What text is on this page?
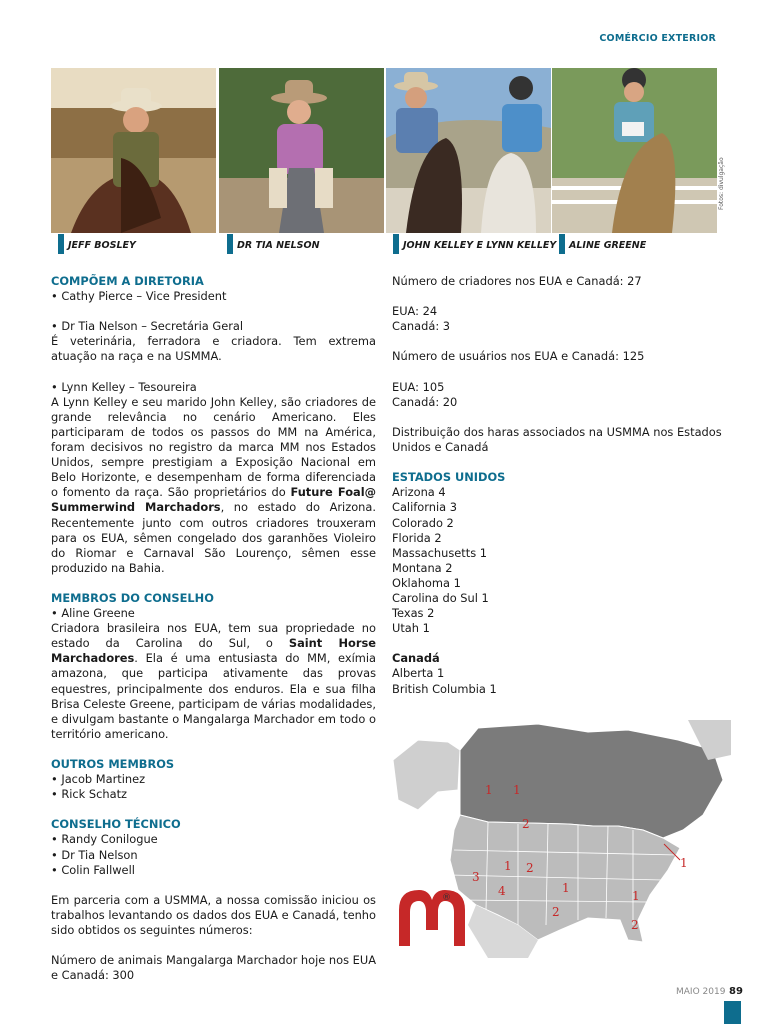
COMÉRCIO EXTERIOR
JEFF BOSLEY	DR TIA NELSON	JOHN KELLEY E LYNN KELLEY	ALINE GREENE
Fotos: divulgação

COMPÕEM A DIRETORIA

• Cathy Pierce – Vice President

• Dr Tia Nelson – Secretária Geral

É veterinária, ferradora e criadora. Tem extrema atuação na raça e na USMMA.

• Lynn Kelley – Tesoureira

A Lynn Kelley e seu marido John Kelley, são criadores de grande relevância no cenário Americano. Eles participaram de todos os passos do MM na América, foram decisivos no registro da marca MM nos Estados Unidos, sempre prestigiam a Exposição Nacional em Belo Horizonte, e desempenham de forma diferenciada o fomento da raça. São proprietários do Future Foal@ Summerwind Marchadors, no estado do Arizona. Recentemente junto com outros criadores trouxeram para os EUA, sêmen congelado dos garanhões Violeiro do Riomar e Carnaval São Lourenço, sêmen esse produzido na Bahia.

MEMBROS DO CONSELHO

• Aline Greene

Criadora brasileira nos EUA, tem sua propriedade no estado da Carolina do Sul, o Saint Horse Marchadores. Ela é uma entusiasta do MM, exímia amazona, que participa ativamente das provas equestres, principalmente dos enduros. Ela e sua filha Brisa Celeste Greene, participam de várias modalidades, e divulgam bastante o Mangalarga Marchador em todo o território americano.

OUTROS MEMBROS

• Jacob Martinez

• Rick Schatz

CONSELHO TÉCNICO

• Randy Conilogue

• Dr Tia Nelson

• Colin Fallwell

Em parceria com a USMMA, a nossa comissão iniciou os trabalhos levantando os dados dos EUA e Canadá, tenho sido obtidos os seguintes números:

Número de animais Mangalarga Marchador hoje nos EUA e Canadá: 300

Número de criadores nos EUA e Canadá: 27

EUA: 24

Canadá: 3

Número de usuários nos EUA e Canadá: 125

EUA: 105

Canadá: 20

Distribuição dos haras associados na USMMA nos Estados Unidos e Canadá

ESTADOS UNIDOS

Arizona 4

California 3

Colorado 2

Florida 2

Massachusetts 1

Montana 2

Oklahoma 1

Carolina do Sul 1

Texas 2

Utah 1

Canadá

Alberta 1

British Columbia 1

1 1
2
1 2
3
4	1
2
1
2
1
®
MAIO 2019 89
